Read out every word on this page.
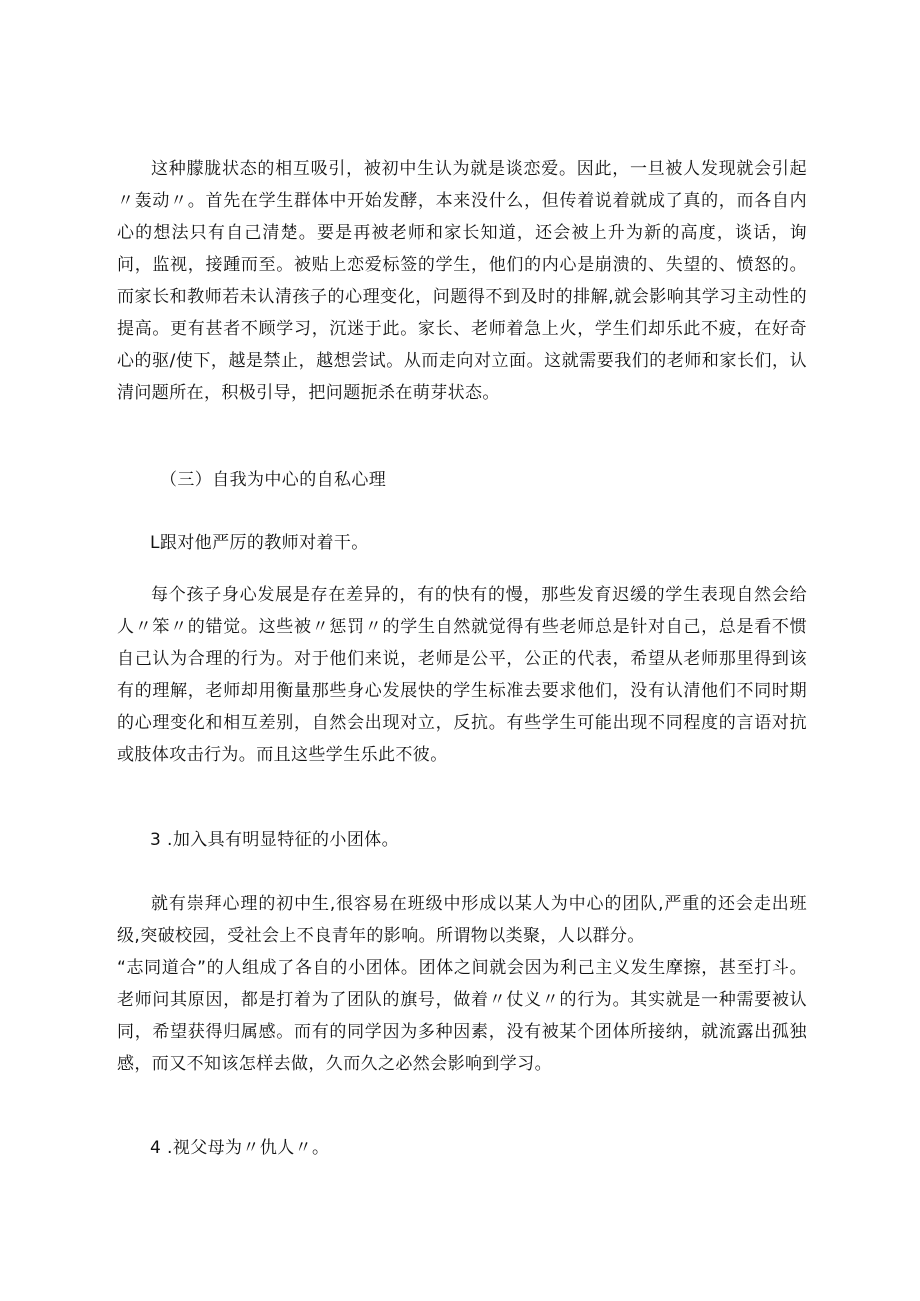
这种朦胧状态的相互吸引，被初中生认为就是谈恋爱。因此，一旦被人发现就会引起〃轰动〃。首先在学生群体中开始发酵，本来没什么，但传着说着就成了真的，而各自内心的想法只有自己清楚。要是再被老师和家长知道，还会被上升为新的高度，谈话，询问，监视，接踵而至。被贴上恋爱标签的学生，他们的内心是崩溃的、失望的、愤怒的。而家长和教师若未认清孩子的心理变化，问题得不到及时的排解,就会影响其学习主动性的提高。更有甚者不顾学习，沉迷于此。家长、老师着急上火，学生们却乐此不疲，在好奇心的驱/使下，越是禁止，越想尝试。从而走向对立面。这就需要我们的老师和家长们，认清问题所在，积极引导，把问题扼杀在萌芽状态。

（三）自我为中心的自私心理

L跟对他严厉的教师对着干。

每个孩子身心发展是存在差异的，有的快有的慢，那些发育迟缓的学生表现自然会给人〃笨〃的错觉。这些被〃惩罚〃的学生自然就觉得有些老师总是针对自己，总是看不惯自己认为合理的行为。对于他们来说，老师是公平，公正的代表，希望从老师那里得到该有的理解，老师却用衡量那些身心发展快的学生标准去要求他们，没有认清他们不同时期的心理变化和相互差别，自然会出现对立，反抗。有些学生可能出现不同程度的言语对抗或肢体攻击行为。而且这些学生乐此不彼。

3 .加入具有明显特征的小团体。

就有崇拜心理的初中生,很容易在班级中形成以某人为中心的团队,严重的还会走出班级,突破校园，受社会上不良青年的影响。所谓物以类聚，人以群分。

“志同道合”的人组成了各自的小团体。团体之间就会因为利己主义发生摩擦，甚至打斗。老师问其原因，都是打着为了团队的旗号，做着〃仗义〃的行为。其实就是一种需要被认同，希望获得归属感。而有的同学因为多种因素，没有被某个团体所接纳，就流露出孤独感，而又不知该怎样去做，久而久之必然会影响到学习。

4 .视父母为〃仇人〃。
